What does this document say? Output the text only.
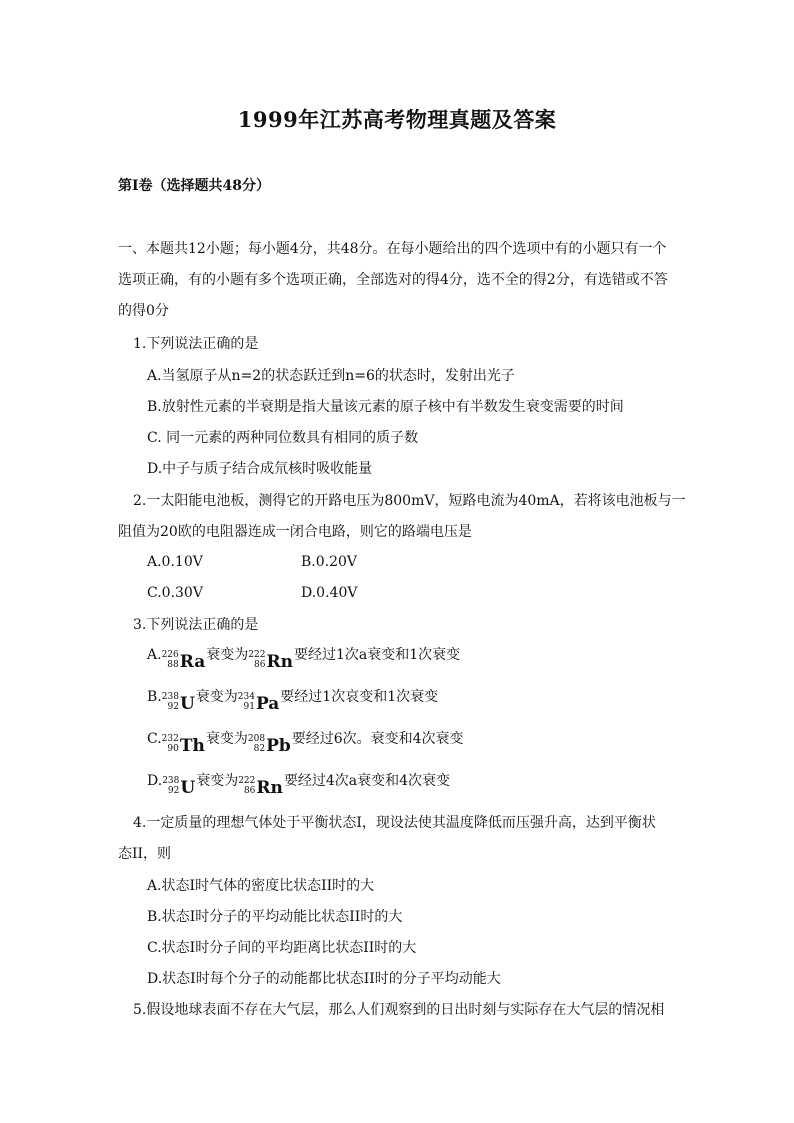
1999年江苏高考物理真题及答案
第I卷（选择题共48分）
一、本题共12小题；每小题4分，共48分。在每小题给出的四个选项中有的小题只有一个选项正确，有的小题有多个选项正确，全部选对的得4分，选不全的得2分，有选错或不答的得0分
1.下列说法正确的是
A.当氢原子从n=2的状态跃迁到n=6的状态时，发射出光子
B.放射性元素的半衰期是指大量该元素的原子核中有半数发生衰变需要的时间
C. 同一元素的两种同位数具有相同的质子数
D.中子与质子结合成氘核时吸收能量
2.一太阳能电池板，测得它的开路电压为800mV，短路电流为40mA，若将该电池板与一
阻值为20欧的电阻器连成一闭合电路，则它的路端电压是
A.0.10V	B.0.20V
C.0.30V	D.0.40V
3.下列说法正确的是
A. 226
88 Ra 衰变为 222
86 Rn 要经过1次a衰变和1次衰变
B. 238
92 U 衰变为 234
91 Pa 要经过1次哀变和1次衰变
C. 232
90 Th 衰变为 208
82 Pb 要经过6次。衰变和4次衰变
D. 238
92 U 衰变为 222
86 Rn 要经过4次a衰变和4次衰变
4.一定质量的理想气体处于平衡状态I，现设法使其温度降低而压强升高，达到平衡状
态II，则
A.状态I时气体的密度比状态II时的大
B.状态I时分子的平均动能比状态II时的大
C.状态I时分子间的平均距离比状态II时的大
D.状态I时每个分子的动能都比状态II时的分子平均动能大
5.假设地球表面不存在大气层，那么人们观察到的日出时刻与实际存在大气层的情况相
